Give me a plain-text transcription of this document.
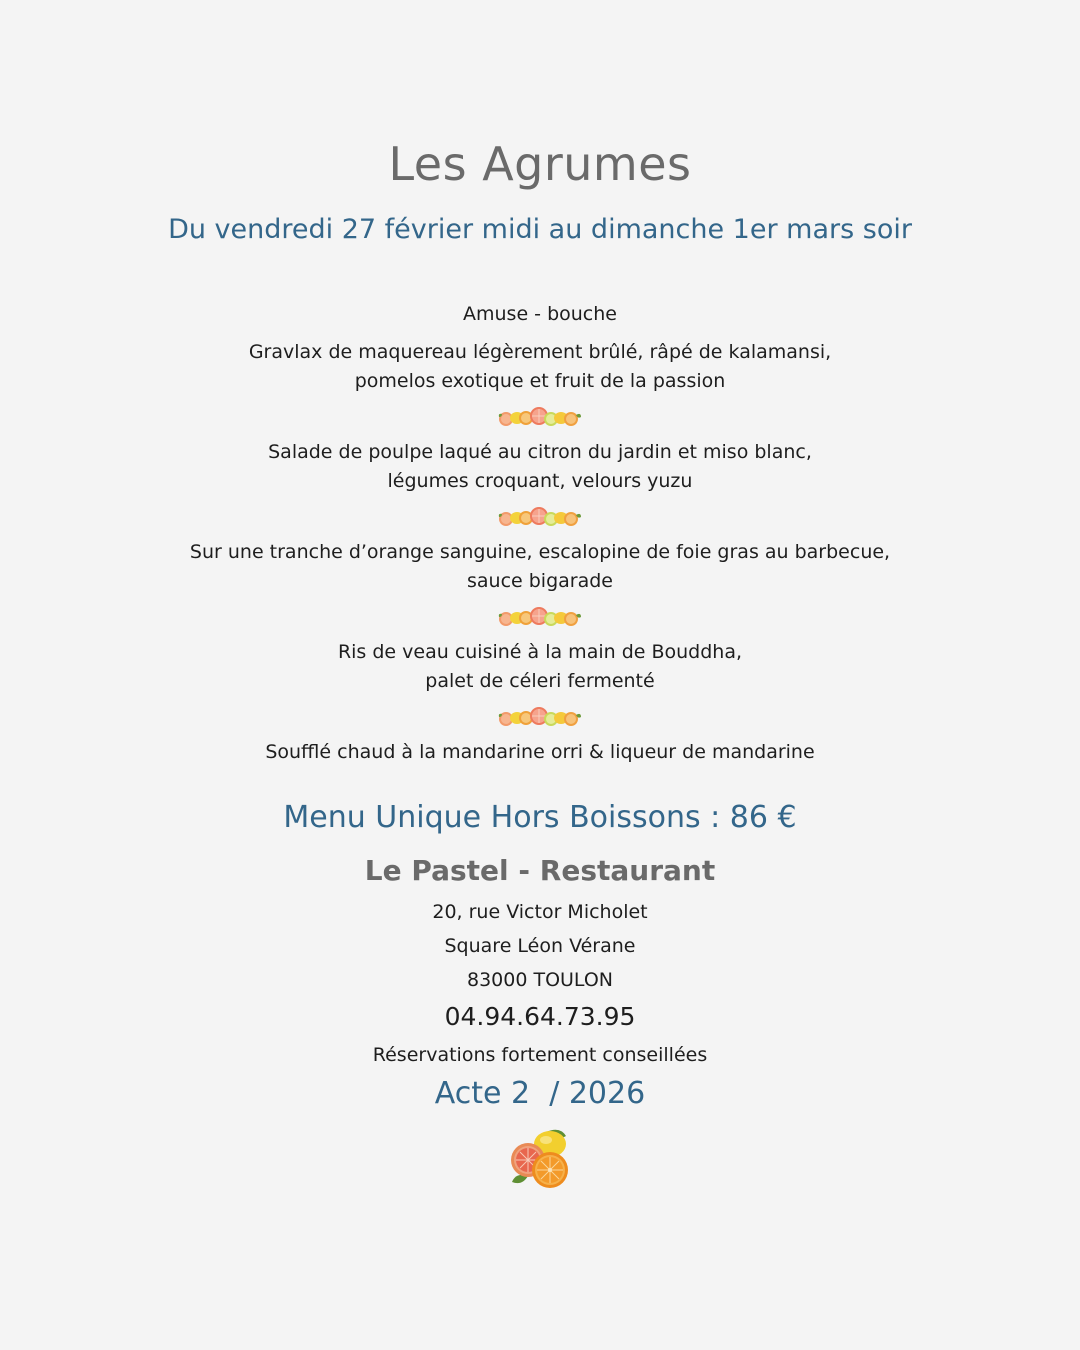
Les Agrumes
Du vendredi 27 février midi au dimanche 1er mars soir
Amuse - bouche
Gravlax de maquereau légèrement brûlé, râpé de kalamansi,
pomelos exotique et fruit de la passion
Salade de poulpe laqué au citron du jardin et miso blanc,
légumes croquant, velours yuzu
Sur une tranche d’orange sanguine, escalopine de foie gras au barbecue,
sauce bigarade
Ris de veau cuisiné à la main de Bouddha,
palet de céleri fermenté
Soufflé chaud à la mandarine orri & liqueur de mandarine
Menu Unique Hors Boissons : 86 €
Le Pastel - Restaurant
20, rue Victor Micholet
Square Léon Vérane
83000 TOULON
04.94.64.73.95
Réservations fortement conseillées
Acte 2  / 2026
